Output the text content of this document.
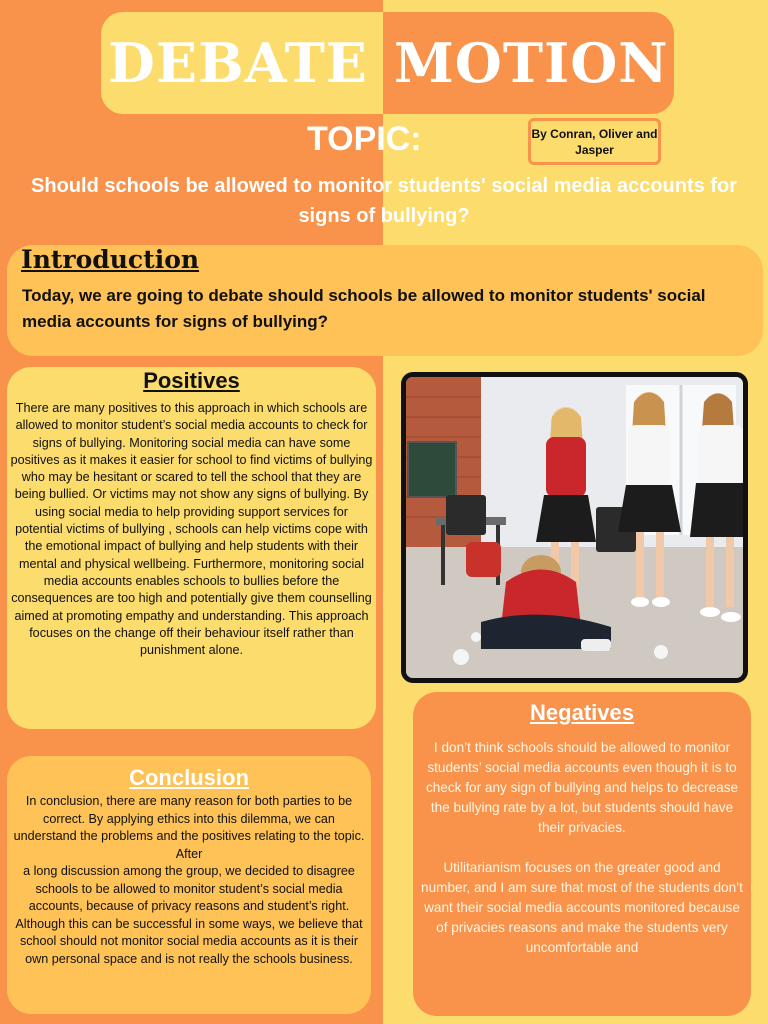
DEBATE MOTION
TOPIC:	By Conran, Oliver and Jasper
Should schools be allowed to monitor students' social media accounts for signs of bullying?
Introduction
Today, we are going to debate should schools be allowed to monitor students' social media accounts for signs of bullying?
Positives
There are many positives to this approach in which schools are allowed to monitor student’s social media accounts to check for signs of bullying. Monitoring social media can have some positives as it makes it easier for school to find victims of bullying who may be hesitant or scared to tell the school that they are being bullied. Or victims may not show any signs of bullying. By using social media to help providing support services for potential victims of bullying , schools can help victims cope with the emotional impact of bullying and help students with their mental and physical wellbeing. Furthermore, monitoring social media accounts enables schools to bullies before the consequences are too high and potentially give them counselling aimed at promoting empathy and understanding. This approach focuses on the change off their behaviour itself rather than punishment alone.
Negatives

I don’t think schools should be allowed to monitor students’ social media accounts even though it is to check for any sign of bullying and helps to decrease the bullying rate by a lot, but students should have their privacies.

Utilitarianism focuses on the greater good and number, and I am sure that most of the students don’t want their social media accounts monitored because of privacies reasons and make the students very uncomfortable and

Conclusion

In conclusion, there are many reason for both parties to be correct. By applying ethics into this dilemma, we can understand the problems and the positives relating to the topic. After

a long discussion among the group, we decided to disagree schools to be allowed to monitor student’s social media accounts, because of privacy reasons and student’s right.

Although this can be successful in some ways, we believe that school should not monitor social media accounts as it is their own personal space and is not really the schools business.
